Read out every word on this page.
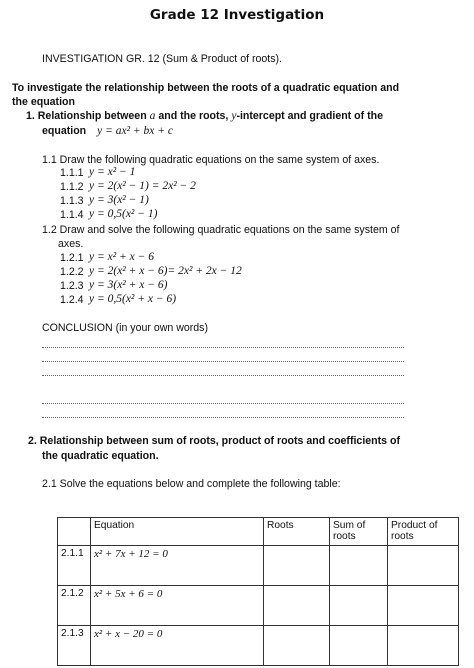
Grade 12 Investigation
INVESTIGATION GR. 12 (Sum & Product of roots).
To investigate the relationship between the roots of a quadratic equation and
the equation
1. Relationship between a and the roots, y-intercept and gradient of the
equation y = ax² + bx + c
1.1 Draw the following quadratic equations on the same system of axes.
1.1.1 y = x² − 1
1.1.2 y = 2(x² − 1) = 2x² − 2
1.1.3 y = 3(x² − 1)
1.1.4 y = 0,5(x² − 1)
1.2 Draw and solve the following quadratic equations on the same system of
axes.
1.2.1 y = x² + x − 6
1.2.2 y = 2(x² + x − 6)= 2x² + 2x − 12
1.2.3 y = 3(x² + x − 6)
1.2.4 y = 0,5(x² + x − 6)
CONCLUSION (in your own words)
2. Relationship between sum of roots, product of roots and coefficients of
the quadratic equation.
2.1 Solve the equations below and complete the following table:
	Equation	Roots	Sum of roots	Product of roots
2.1.1	x² + 7x + 12 = 0			
2.1.2	x² + 5x + 6 = 0			
2.1.3	x² + x − 20 = 0			
